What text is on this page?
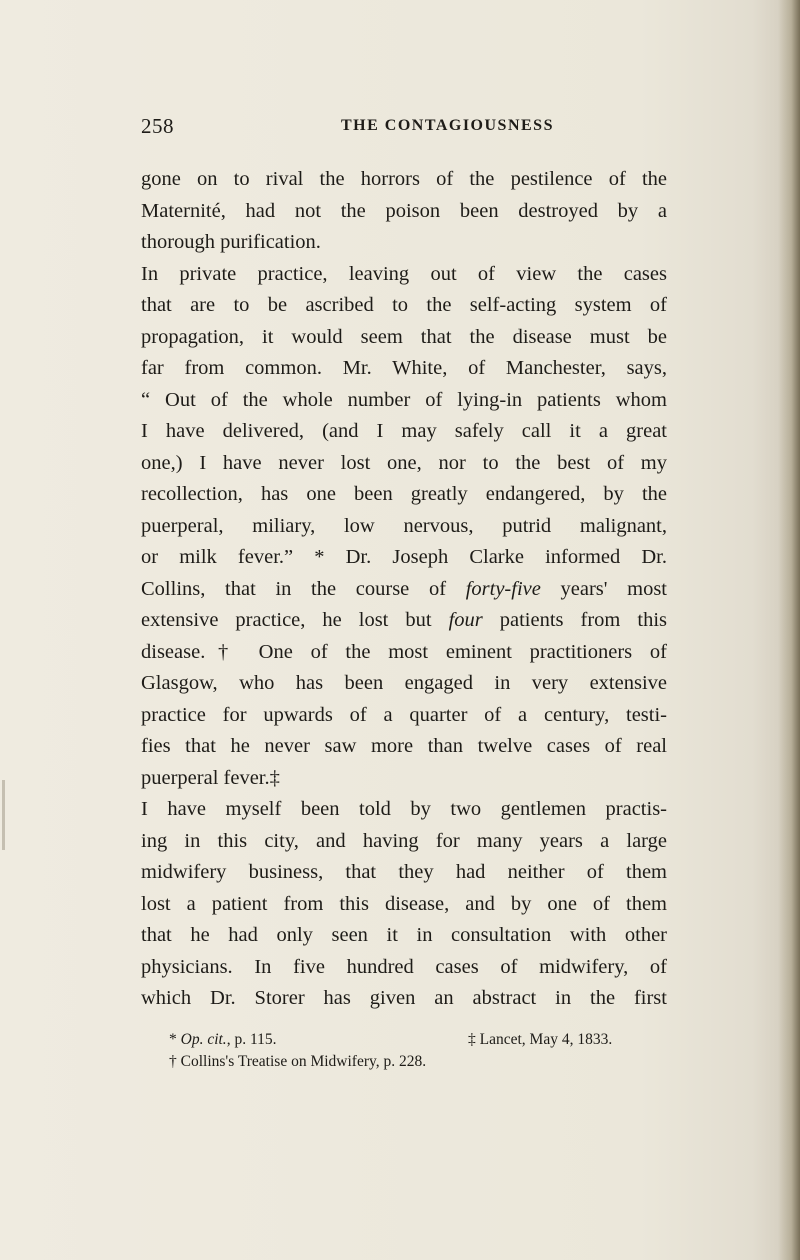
258	THE CONTAGIOUSNESS
gone on to rival the horrors of the pestilence of the
Maternité, had not the poison been destroyed by a
thorough purification.
In private practice, leaving out of view the cases
that are to be ascribed to the self-acting system of
propagation, it would seem that the disease must be
far from common. Mr. White, of Manchester, says,
“ Out of the whole number of lying-in patients whom
I have delivered, (and I may safely call it a great
one,) I have never lost one, nor to the best of my
recollection, has one been greatly endangered, by the
puerperal, miliary, low nervous, putrid malignant,
or milk fever.” * Dr. Joseph Clarke informed Dr.
Collins, that in the course of forty-five years' most
extensive practice, he lost but four patients from this
disease.† One of the most eminent practitioners of
Glasgow, who has been engaged in very extensive
practice for upwards of a quarter of a century, testi-
fies that he never saw more than twelve cases of real
puerperal fever.‡
I have myself been told by two gentlemen practis-
ing in this city, and having for many years a large
midwifery business, that they had neither of them
lost a patient from this disease, and by one of them
that he had only seen it in consultation with other
physicians. In five hundred cases of midwifery, of
which Dr. Storer has given an abstract in the first
* Op. cit., p. 115.	‡ Lancet, May 4, 1833.
† Collins's Treatise on Midwifery, p. 228.
